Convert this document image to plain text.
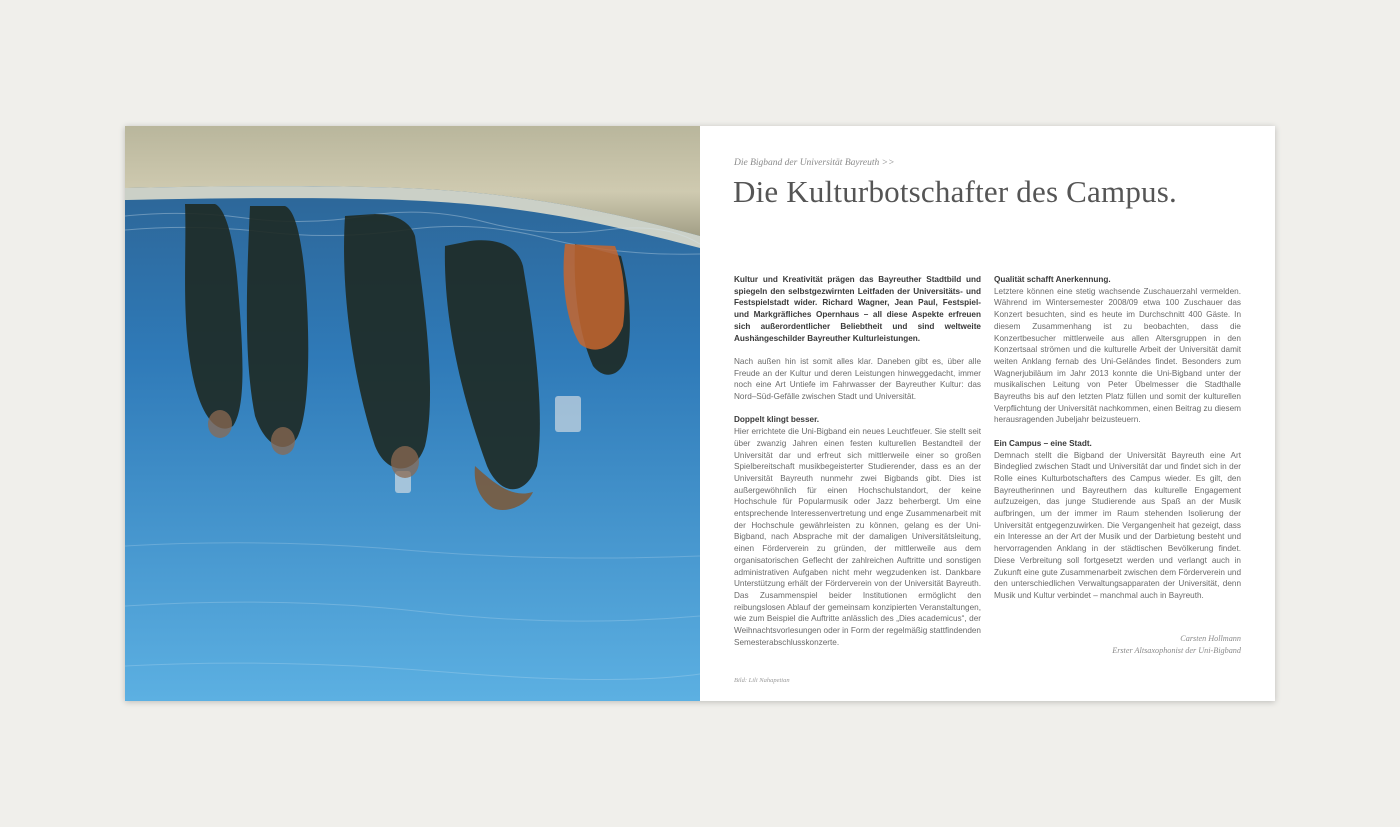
Die Bigband der Universität Bayreuth >>
Die Kulturbotschafter des Campus.

Kultur und Kreativität prägen das Bayreuther Stadtbild und spiegeln den selbstgezwirnten Leitfaden der Universitäts- und Festspielstadt wider. Richard Wagner, Jean Paul, Festspiel- und Markgräfliches Opernhaus – all diese Aspekte erfreuen sich außerordentlicher Beliebtheit und sind weltweite Aushängeschilder Bayreuther Kulturleistungen.

Nach außen hin ist somit alles klar. Daneben gibt es, über alle Freude an der Kultur und deren Leistungen hinweggedacht, immer noch eine Art Untiefe im Fahrwasser der Bayreuther Kultur: das Nord–Süd-Gefälle zwischen Stadt und Universität.

Doppelt klingt besser.

Hier errichtete die Uni-Bigband ein neues Leuchtfeuer. Sie stellt seit über zwanzig Jahren einen festen kulturellen Bestandteil der Universität dar und erfreut sich mittlerweile einer so großen Spielbereitschaft musikbegeisterter Studierender, dass es an der Universität Bayreuth nunmehr zwei Bigbands gibt. Dies ist außergewöhnlich für einen Hochschulstandort, der keine Hochschule für Popularmusik oder Jazz beherbergt. Um eine entsprechende Interessenvertretung und enge Zusammenarbeit mit der Hochschule gewährleisten zu können, gelang es der Uni-Bigband, nach Absprache mit der damaligen Universitätsleitung, einen Förderverein zu gründen, der mittlerweile aus dem organisatorischen Geflecht der zahlreichen Auftritte und sonstigen administrativen Aufgaben nicht mehr wegzudenken ist. Dankbare Unterstützung erhält der Förderverein von der Universität Bayreuth. Das Zusammenspiel beider Institutionen ermöglicht den reibungslosen Ablauf der gemeinsam konzipierten Veranstaltungen, wie zum Beispiel die Auftritte anlässlich des „Dies academicus“, der Weihnachtsvorlesungen oder in Form der regelmäßig stattfindenden Semesterabschlusskonzerte.

Qualität schafft Anerkennung.

Letztere können eine stetig wachsende Zuschauerzahl vermelden. Während im Wintersemester 2008/09 etwa 100 Zuschauer das Konzert besuchten, sind es heute im Durchschnitt 400 Gäste. In diesem Zusammenhang ist zu beobachten, dass die Konzertbesucher mittlerweile aus allen Altersgruppen in den Konzertsaal strömen und die kulturelle Arbeit der Universität damit weiten Anklang fernab des Uni-Geländes findet. Besonders zum Wagnerjubiläum im Jahr 2013 konnte die Uni-Bigband unter der musikalischen Leitung von Peter Übelmesser die Stadthalle Bayreuths bis auf den letzten Platz füllen und somit der kulturellen Verpflichtung der Universität nachkommen, einen Beitrag zu diesem herausragenden Jubeljahr beizusteuern.

Ein Campus – eine Stadt.

Demnach stellt die Bigband der Universität Bayreuth eine Art Bindeglied zwischen Stadt und Universität dar und findet sich in der Rolle eines Kulturbotschafters des Campus wieder. Es gilt, den Bayreutherinnen und Bayreuthern das kulturelle Engagement aufzuzeigen, das junge Studierende aus Spaß an der Musik aufbringen, um der immer im Raum stehenden Isolierung der Universität entgegenzuwirken. Die Vergangenheit hat gezeigt, dass ein Interesse an der Art der Musik und der Darbietung besteht und hervorragenden Anklang in der städtischen Bevölkerung findet. Diese Verbreitung soll fortgesetzt werden und verlangt auch in Zukunft eine gute Zusammenarbeit zwischen dem Förderverein und den unterschiedlichen Verwaltungsapparaten der Universität, denn Musik und Kultur verbindet – manchmal auch in Bayreuth.

Carsten Hollmann
Erster Altsaxophonist der Uni-Bigband
Bild: Lili Nahapetian
